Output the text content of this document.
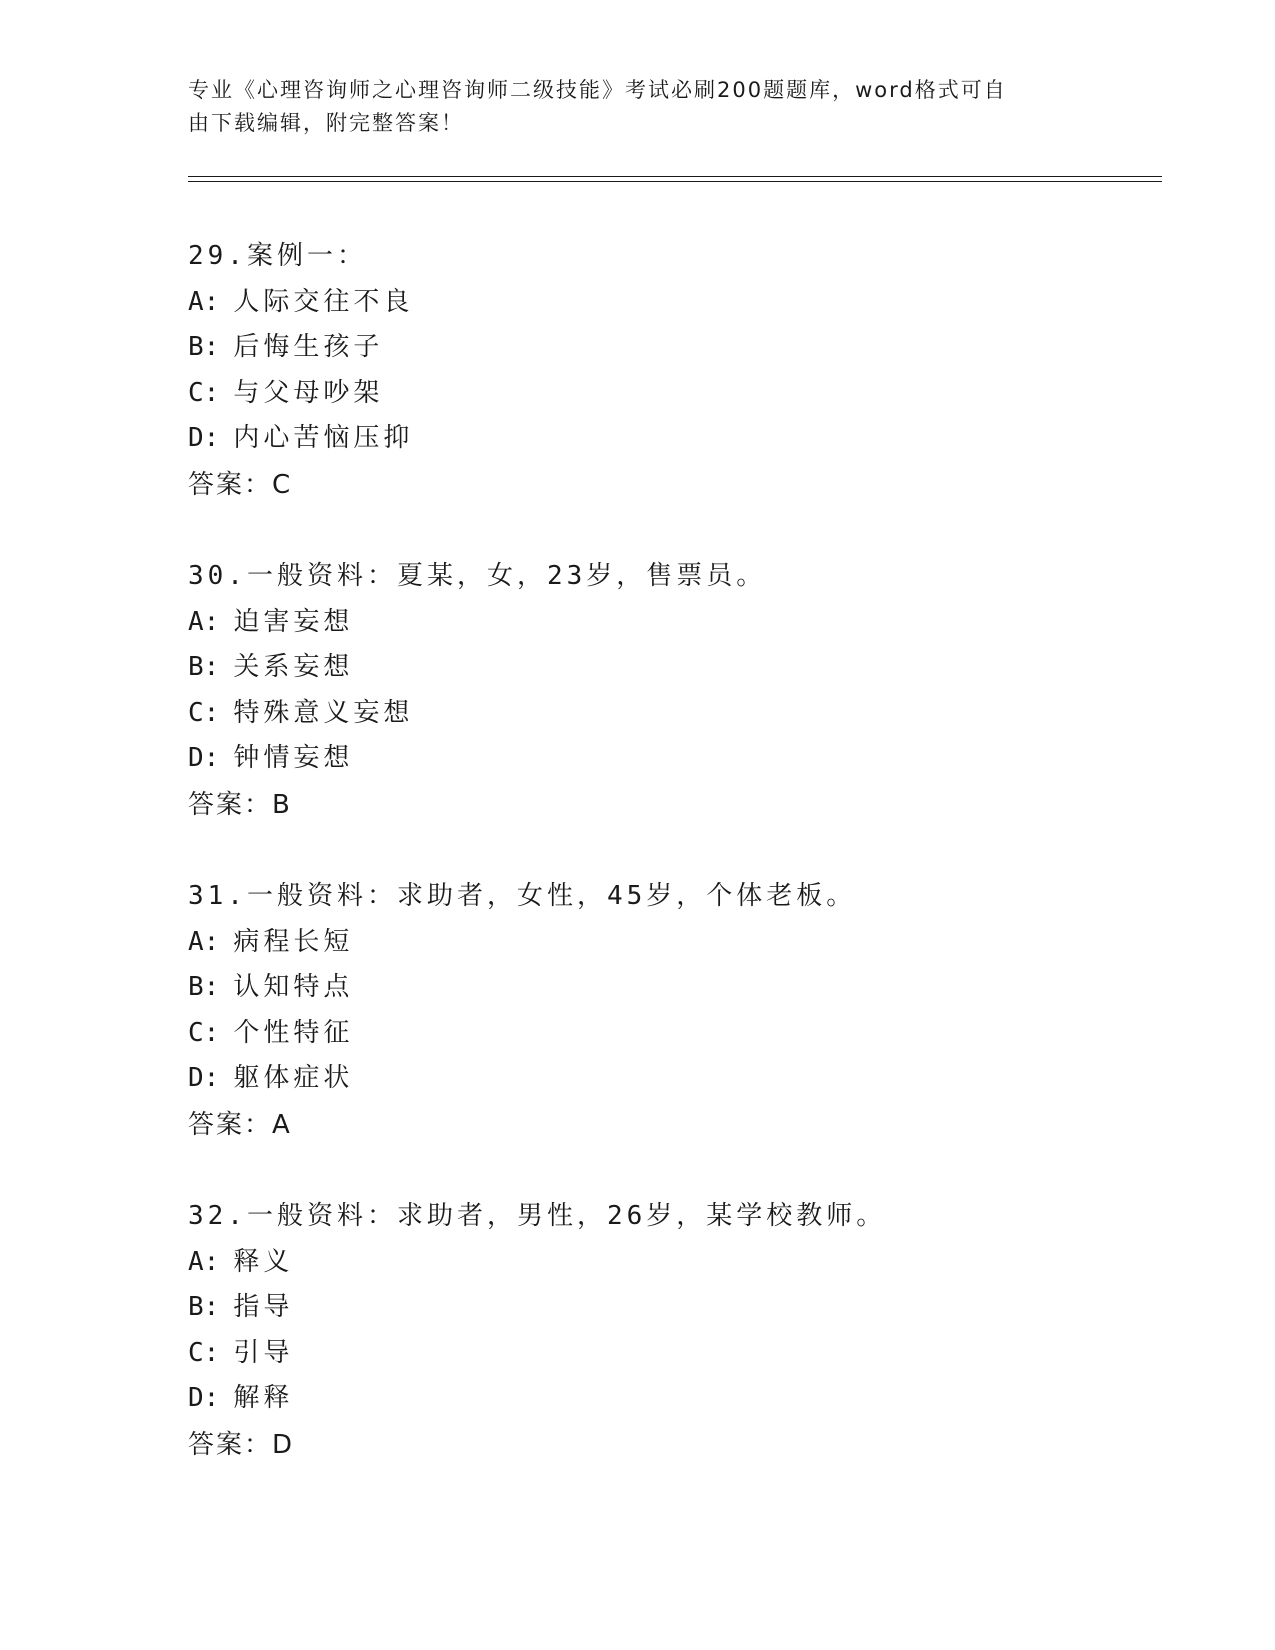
专业《心理咨询师之心理咨询师二级技能》考试必刷200题题库，word格式可自
由下载编辑，附完整答案！
29.案例一：
A: 人际交往不良
B: 后悔生孩子
C: 与父母吵架
D: 内心苦恼压抑
答案：C
30.一般资料：夏某，女，23岁，售票员。
A: 迫害妄想
B: 关系妄想
C: 特殊意义妄想
D: 钟情妄想
答案：B
31.一般资料：求助者，女性，45岁，个体老板。
A: 病程长短
B: 认知特点
C: 个性特征
D: 躯体症状
答案：A
32.一般资料：求助者，男性，26岁，某学校教师。
A: 释义
B: 指导
C: 引导
D: 解释
答案：D
